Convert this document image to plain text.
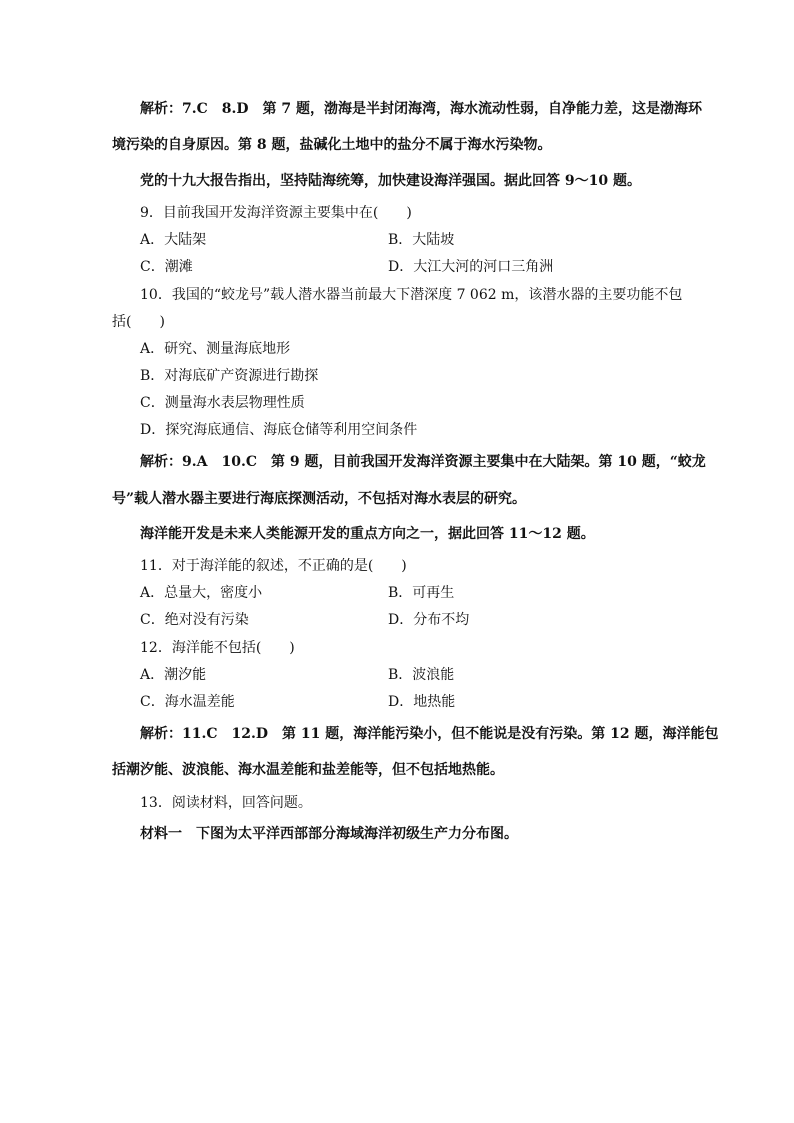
解析：7.C　8.D　第 7 题，渤海是半封闭海湾，海水流动性弱，自净能力差，这是渤海环
境污染的自身原因。第 8 题，盐碱化土地中的盐分不属于海水污染物。
党的十九大报告指出，坚持陆海统筹，加快建设海洋强国。据此回答 9～10 题。
9．目前我国开发海洋资源主要集中在(　　)
A．大陆架	B．大陆坡
C．潮滩	D．大江大河的河口三角洲
10．我国的“蛟龙号”载人潜水器当前最大下潜深度 7 062 m，该潜水器的主要功能不包
括(　　)
A．研究、测量海底地形
B．对海底矿产资源进行勘探
C．测量海水表层物理性质
D．探究海底通信、海底仓储等利用空间条件
解析：9.A　10.C　第 9 题，目前我国开发海洋资源主要集中在大陆架。第 10 题，“蛟龙
号”载人潜水器主要进行海底探测活动，不包括对海水表层的研究。
海洋能开发是未来人类能源开发的重点方向之一，据此回答 11～12 题。
11．对于海洋能的叙述，不正确的是(　　)
A．总量大，密度小	B．可再生
C．绝对没有污染	D．分布不均
12．海洋能不包括(　　)
A．潮汐能	B．波浪能
C．海水温差能	D．地热能
解析：11.C　12.D　第 11 题，海洋能污染小，但不能说是没有污染。第 12 题，海洋能包
括潮汐能、波浪能、海水温差能和盐差能等，但不包括地热能。
13．阅读材料，回答问题。
材料一　下图为太平洋西部部分海域海洋初级生产力分布图。
